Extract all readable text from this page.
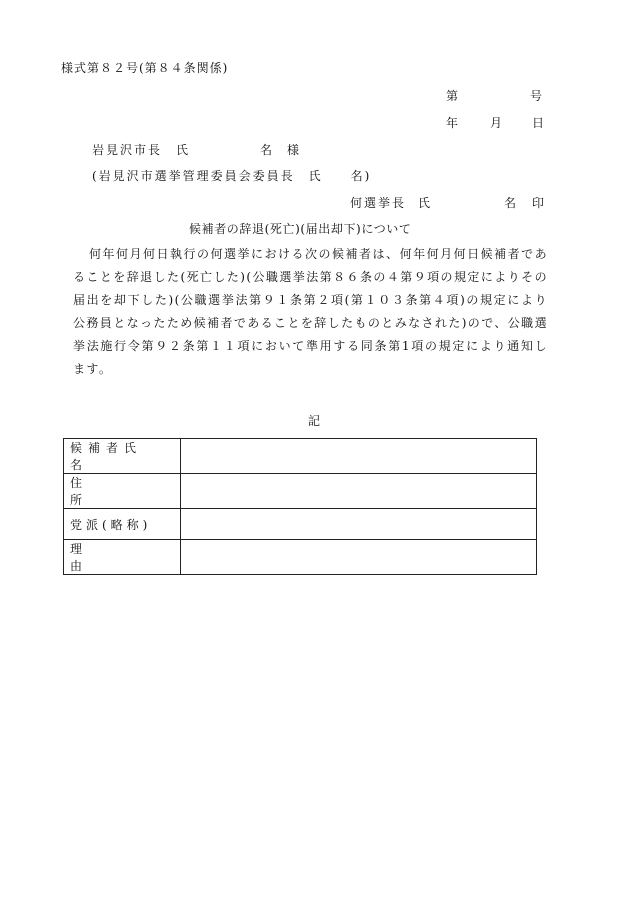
様式第８２号(第８４条関係)
第	号
年	月 日
岩見沢市長 氏	名 様
(岩見沢市選挙管理委員会委員長　氏　　名)
何選挙長 氏	名 印
候補者の辞退(死亡)(届出却下)について
何年何月何日執行の何選挙における次の候補者は、何年何月何日候補者であることを辞退した(死亡した)(公職選挙法第８６条の４第９項の規定によりその届出を却下した)(公職選挙法第９１条第２項(第１０３条第４項)の規定により公務員となったため候補者であることを辞したものとみなされた)ので、公職選挙法施行令第９２条第１１項において準用する同条第1項の規定により通知します。
記
候補者氏名	

住所	
党派(略称)	
理由	
